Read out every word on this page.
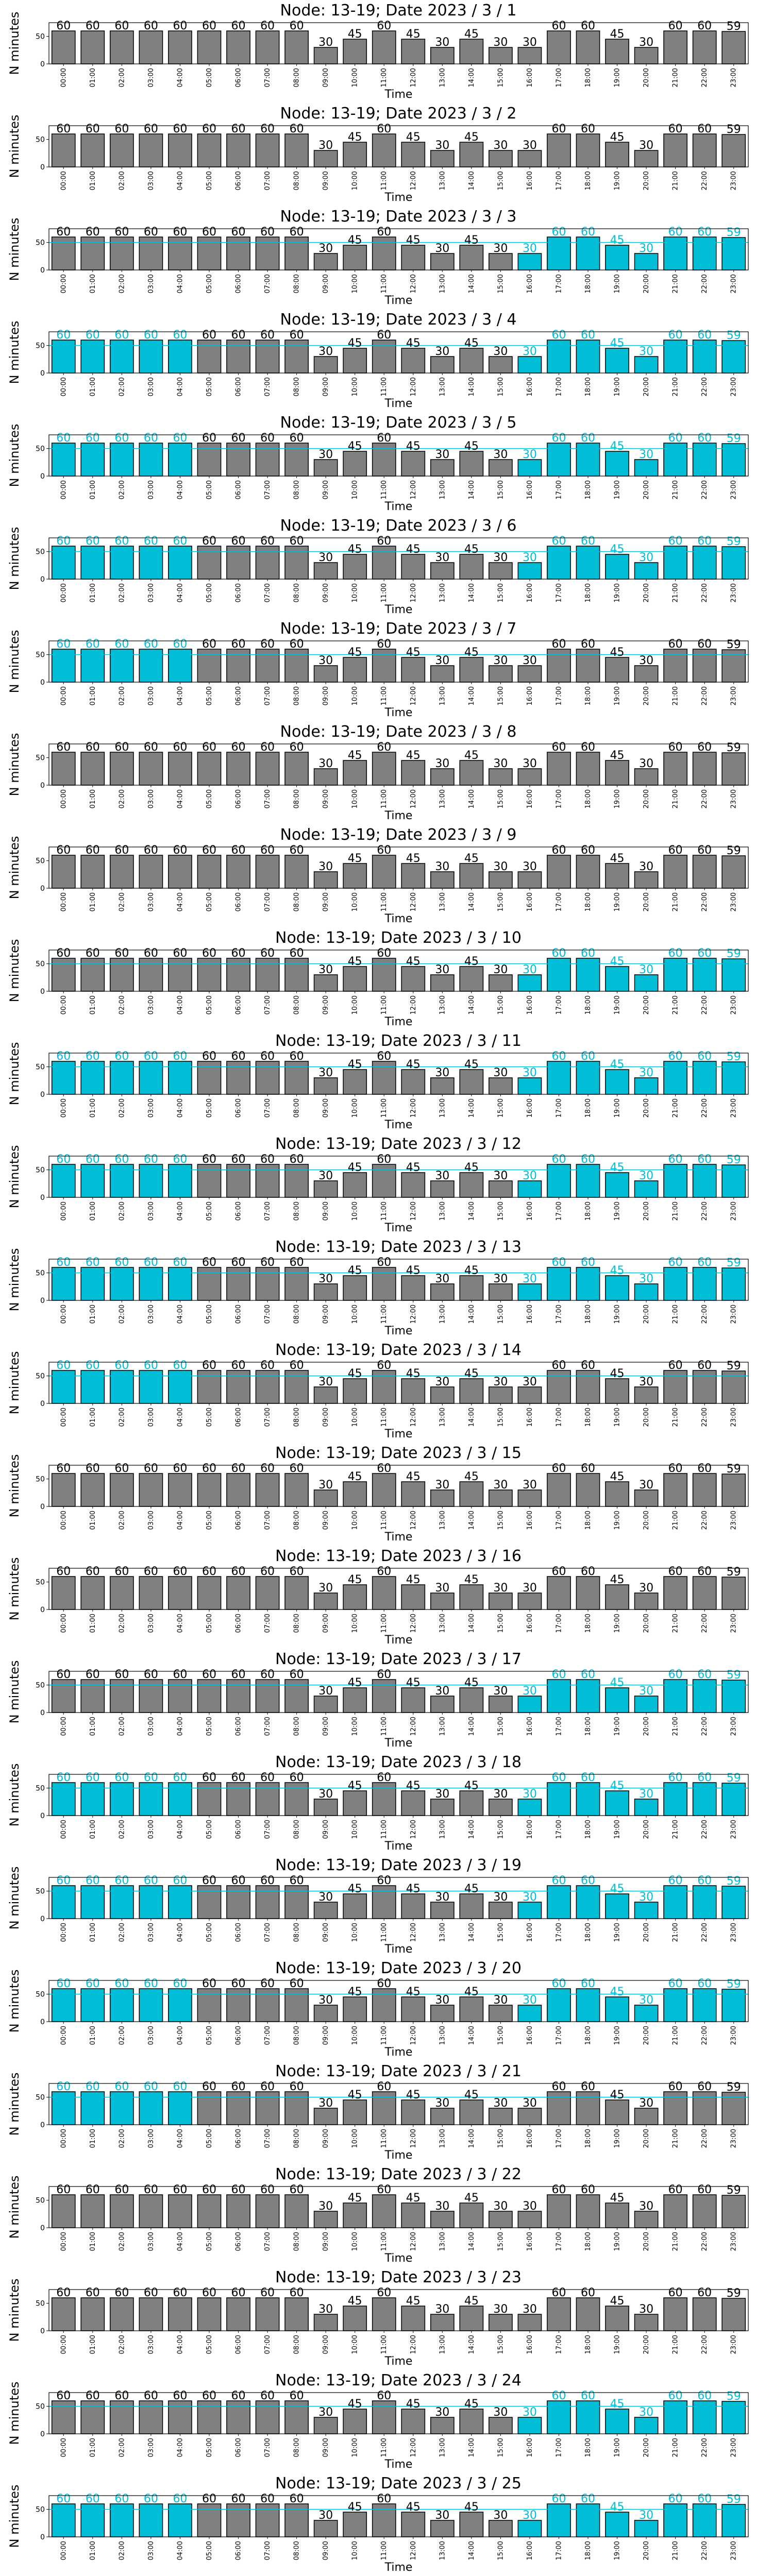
Node: 13-19; Date 2023 / 3 / 1
N minutes	0
50
60 60 60 60 60 60 60 60 60
30
45
60
45
30
45
30 30
60 60
45
30
60 60 59
00:00	01:00	02:00	03:00	04:00	05:00	06:00	07:00	08:00	09:00	10:00	11:00	12:00	13:00	14:00	15:00	16:00	17:00	18:00	19:00	20:00	21:00	22:00	23:00
Time
Node: 13-19; Date 2023 / 3 / 2
N minutes	0
50
60 60 60 60 60 60 60 60 60
30
45
60
45
30
45
30 30
60 60
45
30
60 60 59
00:00	01:00	02:00	03:00	04:00	05:00	06:00	07:00	08:00	09:00	10:00	11:00	12:00	13:00	14:00	15:00	16:00	17:00	18:00	19:00	20:00	21:00	22:00	23:00
Time
Node: 13-19; Date 2023 / 3 / 3
N minutes	0
50
60 60 60 60 60 60 60 60 60
30
45
60
45
30
45
30 30
60 60
45
30
60 60 59
00:00	01:00	02:00	03:00	04:00	05:00	06:00	07:00	08:00	09:00	10:00	11:00	12:00	13:00	14:00	15:00	16:00	17:00	18:00	19:00	20:00	21:00	22:00	23:00
Time
Node: 13-19; Date 2023 / 3 / 4
N minutes	0
50
60 60 60 60 60 60 60 60 60
30
45
60
45
30
45
30 30
60 60
45
30
60 60 59
00:00	01:00	02:00	03:00	04:00	05:00	06:00	07:00	08:00	09:00	10:00	11:00	12:00	13:00	14:00	15:00	16:00	17:00	18:00	19:00	20:00	21:00	22:00	23:00
Time
Node: 13-19; Date 2023 / 3 / 5
N minutes	0
50
60 60 60 60 60 60 60 60 60
30
45
60
45
30
45
30 30
60 60
45
30
60 60 59
00:00	01:00	02:00	03:00	04:00	05:00	06:00	07:00	08:00	09:00	10:00	11:00	12:00	13:00	14:00	15:00	16:00	17:00	18:00	19:00	20:00	21:00	22:00	23:00
Time
Node: 13-19; Date 2023 / 3 / 6
N minutes	0
50
60 60 60 60 60 60 60 60 60
30
45
60
45
30
45
30 30
60 60
45
30
60 60 59
00:00	01:00	02:00	03:00	04:00	05:00	06:00	07:00	08:00	09:00	10:00	11:00	12:00	13:00	14:00	15:00	16:00	17:00	18:00	19:00	20:00	21:00	22:00	23:00
Time
Node: 13-19; Date 2023 / 3 / 7
N minutes	0
50
60 60 60 60 60 60 60 60 60
30
45
60
45
30
45
30 30
60 60
45
30
60 60 59
00:00	01:00	02:00	03:00	04:00	05:00	06:00	07:00	08:00	09:00	10:00	11:00	12:00	13:00	14:00	15:00	16:00	17:00	18:00	19:00	20:00	21:00	22:00	23:00
Time
Node: 13-19; Date 2023 / 3 / 8
N minutes	0
50
60 60 60 60 60 60 60 60 60
30
45
60
45
30
45
30 30
60 60
45
30
60 60 59
00:00	01:00	02:00	03:00	04:00	05:00	06:00	07:00	08:00	09:00	10:00	11:00	12:00	13:00	14:00	15:00	16:00	17:00	18:00	19:00	20:00	21:00	22:00	23:00
Time
Node: 13-19; Date 2023 / 3 / 9
N minutes	0
50
60 60 60 60 60 60 60 60 60
30
45
60
45
30
45
30 30
60 60
45
30
60 60 59
00:00	01:00	02:00	03:00	04:00	05:00	06:00	07:00	08:00	09:00	10:00	11:00	12:00	13:00	14:00	15:00	16:00	17:00	18:00	19:00	20:00	21:00	22:00	23:00
Time
Node: 13-19; Date 2023 / 3 / 10
N minutes	0
50
60 60 60 60 60 60 60 60 60
30
45
60
45
30
45
30 30
60 60
45
30
60 60 59
00:00	01:00	02:00	03:00	04:00	05:00	06:00	07:00	08:00	09:00	10:00	11:00	12:00	13:00	14:00	15:00	16:00	17:00	18:00	19:00	20:00	21:00	22:00	23:00
Time
Node: 13-19; Date 2023 / 3 / 11
N minutes	0
50
60 60 60 60 60 60 60 60 60
30
45
60
45
30
45
30 30
60 60
45
30
60 60 59
00:00	01:00	02:00	03:00	04:00	05:00	06:00	07:00	08:00	09:00	10:00	11:00	12:00	13:00	14:00	15:00	16:00	17:00	18:00	19:00	20:00	21:00	22:00	23:00
Time
Node: 13-19; Date 2023 / 3 / 12
N minutes	0
50
60 60 60 60 60 60 60 60 60
30
45
60
45
30
45
30 30
60 60
45
30
60 60 59
00:00	01:00	02:00	03:00	04:00	05:00	06:00	07:00	08:00	09:00	10:00	11:00	12:00	13:00	14:00	15:00	16:00	17:00	18:00	19:00	20:00	21:00	22:00	23:00
Time
Node: 13-19; Date 2023 / 3 / 13
N minutes	0
50
60 60 60 60 60 60 60 60 60
30
45
60
45
30
45
30 30
60 60
45
30
60 60 59
00:00	01:00	02:00	03:00	04:00	05:00	06:00	07:00	08:00	09:00	10:00	11:00	12:00	13:00	14:00	15:00	16:00	17:00	18:00	19:00	20:00	21:00	22:00	23:00
Time
Node: 13-19; Date 2023 / 3 / 14
N minutes	0
50
60 60 60 60 60 60 60 60 60
30
45
60
45
30
45
30 30
60 60
45
30
60 60 59
00:00	01:00	02:00	03:00	04:00	05:00	06:00	07:00	08:00	09:00	10:00	11:00	12:00	13:00	14:00	15:00	16:00	17:00	18:00	19:00	20:00	21:00	22:00	23:00
Time
Node: 13-19; Date 2023 / 3 / 15
N minutes	0
50
60 60 60 60 60 60 60 60 60
30
45
60
45
30
45
30 30
60 60
45
30
60 60 59
00:00	01:00	02:00	03:00	04:00	05:00	06:00	07:00	08:00	09:00	10:00	11:00	12:00	13:00	14:00	15:00	16:00	17:00	18:00	19:00	20:00	21:00	22:00	23:00
Time
Node: 13-19; Date 2023 / 3 / 16
N minutes	0
50
60 60 60 60 60 60 60 60 60
30
45
60
45
30
45
30 30
60 60
45
30
60 60 59
00:00	01:00	02:00	03:00	04:00	05:00	06:00	07:00	08:00	09:00	10:00	11:00	12:00	13:00	14:00	15:00	16:00	17:00	18:00	19:00	20:00	21:00	22:00	23:00
Time
Node: 13-19; Date 2023 / 3 / 17
N minutes	0
50
60 60 60 60 60 60 60 60 60
30
45
60
45
30
45
30 30
60 60
45
30
60 60 59
00:00	01:00	02:00	03:00	04:00	05:00	06:00	07:00	08:00	09:00	10:00	11:00	12:00	13:00	14:00	15:00	16:00	17:00	18:00	19:00	20:00	21:00	22:00	23:00
Time
Node: 13-19; Date 2023 / 3 / 18
N minutes	0
50
60 60 60 60 60 60 60 60 60
30
45
60
45
30
45
30 30
60 60
45
30
60 60 59
00:00	01:00	02:00	03:00	04:00	05:00	06:00	07:00	08:00	09:00	10:00	11:00	12:00	13:00	14:00	15:00	16:00	17:00	18:00	19:00	20:00	21:00	22:00	23:00
Time
Node: 13-19; Date 2023 / 3 / 19
N minutes	0
50
60 60 60 60 60 60 60 60 60
30
45
60
45
30
45
30 30
60 60
45
30
60 60 59
00:00	01:00	02:00	03:00	04:00	05:00	06:00	07:00	08:00	09:00	10:00	11:00	12:00	13:00	14:00	15:00	16:00	17:00	18:00	19:00	20:00	21:00	22:00	23:00
Time
Node: 13-19; Date 2023 / 3 / 20
N minutes	0
50
60 60 60 60 60 60 60 60 60
30
45
60
45
30
45
30 30
60 60
45
30
60 60 59
00:00	01:00	02:00	03:00	04:00	05:00	06:00	07:00	08:00	09:00	10:00	11:00	12:00	13:00	14:00	15:00	16:00	17:00	18:00	19:00	20:00	21:00	22:00	23:00
Time
Node: 13-19; Date 2023 / 3 / 21
N minutes	0
50
60 60 60 60 60 60 60 60 60
30
45
60
45
30
45
30 30
60 60
45
30
60 60 59
00:00	01:00	02:00	03:00	04:00	05:00	06:00	07:00	08:00	09:00	10:00	11:00	12:00	13:00	14:00	15:00	16:00	17:00	18:00	19:00	20:00	21:00	22:00	23:00
Time
Node: 13-19; Date 2023 / 3 / 22
N minutes	0
50
60 60 60 60 60 60 60 60 60
30
45
60
45
30
45
30 30
60 60
45
30
60 60 59
00:00	01:00	02:00	03:00	04:00	05:00	06:00	07:00	08:00	09:00	10:00	11:00	12:00	13:00	14:00	15:00	16:00	17:00	18:00	19:00	20:00	21:00	22:00	23:00
Time
Node: 13-19; Date 2023 / 3 / 23
N minutes	0
50
60 60 60 60 60 60 60 60 60
30
45
60
45
30
45
30 30
60 60
45
30
60 60 59
00:00	01:00	02:00	03:00	04:00	05:00	06:00	07:00	08:00	09:00	10:00	11:00	12:00	13:00	14:00	15:00	16:00	17:00	18:00	19:00	20:00	21:00	22:00	23:00
Time
Node: 13-19; Date 2023 / 3 / 24
N minutes	0
50
60 60 60 60 60 60 60 60 60
30
45
60
45
30
45
30 30
60 60
45
30
60 60 59
00:00	01:00	02:00	03:00	04:00	05:00	06:00	07:00	08:00	09:00	10:00	11:00	12:00	13:00	14:00	15:00	16:00	17:00	18:00	19:00	20:00	21:00	22:00	23:00
Time
Node: 13-19; Date 2023 / 3 / 25
N minutes	0
50
60 60 60 60 60 60 60 60 60
30
45
60
45
30
45
30 30
60 60
45
30
60 60 59
00:00	01:00	02:00	03:00	04:00	05:00	06:00	07:00	08:00	09:00	10:00	11:00	12:00	13:00	14:00	15:00	16:00	17:00	18:00	19:00	20:00	21:00	22:00	23:00
Time
